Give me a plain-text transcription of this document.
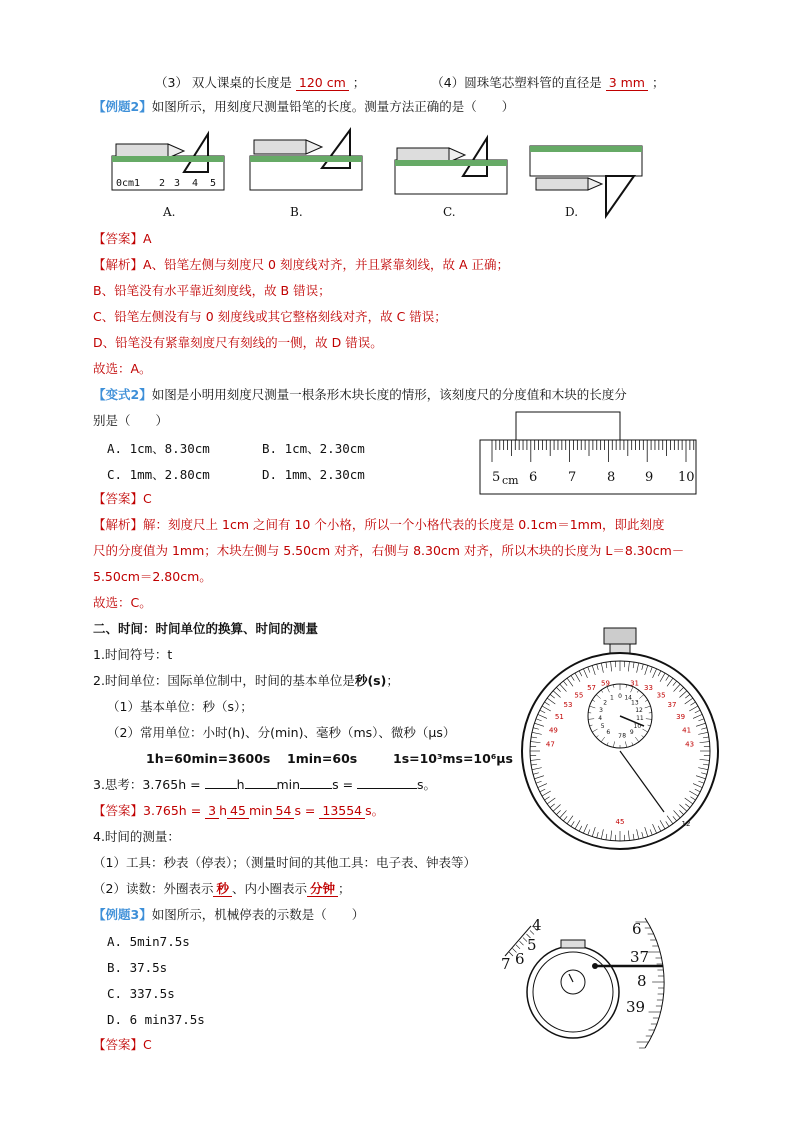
（3） 双人课桌的长度是 120 cm ；	（4）圆珠笔芯塑料管的直径是 3 mm ；
【例题2】如图所示，用刻度尺测量铅笔的长度。测量方法正确的是（　　）
0cm1 2 3 4 5
A.	B.	C.	D.
【答案】A
【解析】A、铅笔左侧与刻度尺 0 刻度线对齐，并且紧靠刻线，故 A 正确；
B、铅笔没有水平靠近刻度线，故 B 错误；
C、铅笔左侧没有与 0 刻度线或其它整格刻线对齐，故 C 错误；
D、铅笔没有紧靠刻度尺有刻线的一侧，故 D 错误。
故选：A。
【变式2】如图是小明用刻度尺测量一根条形木块长度的情形，该刻度尺的分度值和木块的长度分
别是（　　）
A. 1cm、8.30cm	B. 1cm、2.30cm
C. 1mm、2.80cm	D. 1mm、2.30cm	5 cm 6 7 8 9 10
【答案】C
【解析】解：刻度尺上 1cm 之间有 10 个小格，所以一个小格代表的长度是 0.1cm＝1mm，即此刻度
尺的分度值为 1mm；木块左侧与 5.50cm 对齐，右侧与 8.30cm 对齐，所以木块的长度为 L＝8.30cm－
5.50cm＝2.80cm。
故选：C。
二、时间：时间单位的换算、时间的测量
1.时间符号：t
2.时间单位：国际单位制中，时间的基本单位是秒(s)；
（1）基本单位：秒（s）；
（2）常用单位：小时(h)、分(min)、毫秒（ms）、微秒（μs）
1h=60min=3600s 1min=60s	1s=10³ms=10⁶μs
3.思考：3.765h =	h	min	s =	s。
【答案】3.765h = 3 h 45 min 54 s = 13554 s。
4.时间的测量：
（1）工具：秒表（停表）；（测量时间的其他工具：电子表、钟表等）
（2）读数：外圈表示 秒 、内小圈表示 分钟 ；
【例题3】如图所示，机械停表的示数是（　　）
A. 5min7.5s
B. 37.5s
C. 337.5s
D. 6 min37.5s
【答案】C
59	31
57	33
55	35
53	37
51	39
49	41
47	43
45	12
0 14
1
13
2
12
3
11
4
10
5
9
6 8
7
4
5
6
7
6
37
8
39
